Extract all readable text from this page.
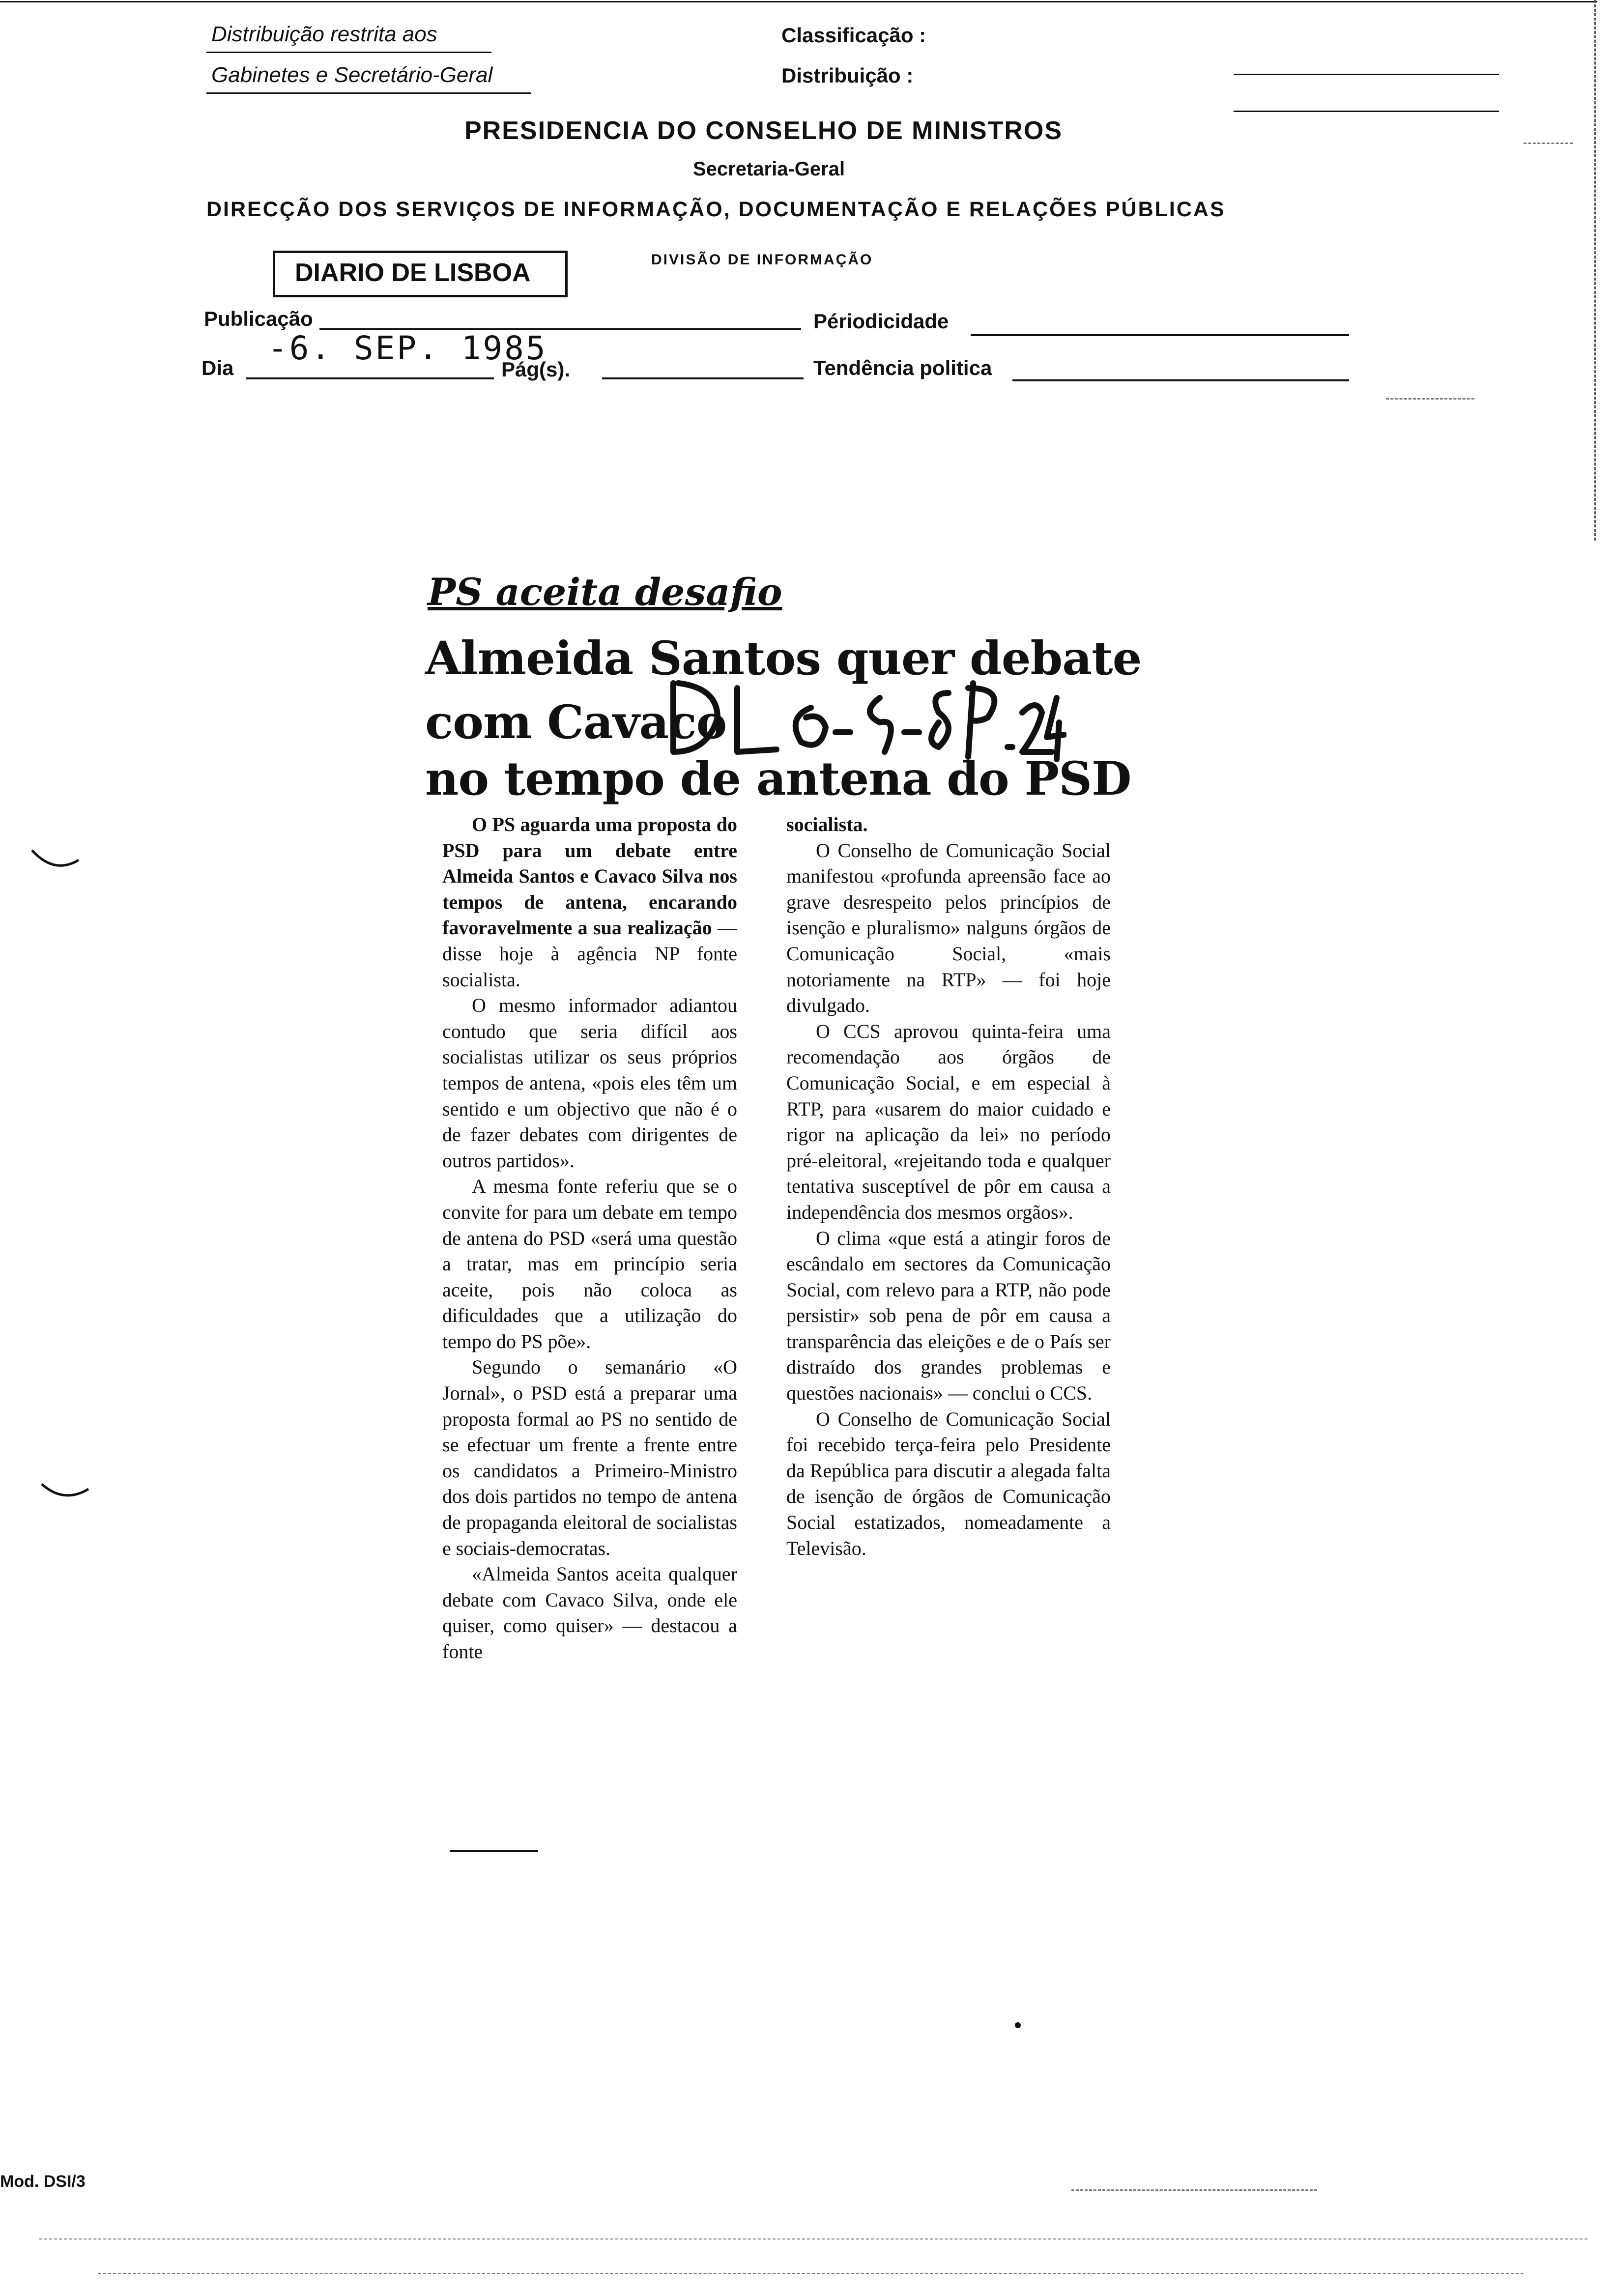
Distribuição restrita aos
Gabinetes e Secretário-Geral
Classificação :
Distribuição :
PRESIDENCIA DO CONSELHO DE MINISTROS
Secretaria-Geral
DIRECÇÃO DOS SERVIÇOS DE INFORMAÇÃO, DOCUMENTAÇÃO E RELAÇÕES PÚBLICAS
DIARIO DE LISBOA	DIVISÃO DE INFORMAÇÃO
Publicação	Périodicidade
-6. SEP. 1985
Dia	Pág(s).	Tendência politica
PS aceita desafio
Almeida Santos quer debate
com Cavaco
no tempo de antena do PSD

O PS aguarda uma proposta do PSD para um debate entre Almeida Santos e Cavaco Silva nos tempos de antena, encarando favoravelmente a sua realização — disse hoje à agência NP fonte socialista.

O mesmo informador adiantou contudo que seria difícil aos socialistas utilizar os seus próprios tempos de antena, «pois eles têm um sentido e um objectivo que não é o de fazer debates com dirigentes de outros partidos».

A mesma fonte referiu que se o convite for para um debate em tempo de antena do PSD «será uma questão a tratar, mas em princípio seria aceite, pois não coloca as dificuldades que a utilização do tempo do PS põe».

Segundo o semanário «O Jornal», o PSD está a preparar uma proposta formal ao PS no sentido de se efectuar um frente a frente entre os candidatos a Primeiro-Ministro dos dois partidos no tempo de antena de propaganda eleitoral de socialistas e sociais-democratas.

«Almeida Santos aceita qualquer debate com Cavaco Silva, onde ele quiser, como quiser» — destacou a fonte

socialista.

O Conselho de Comunicação Social manifestou «profunda apreensão face ao grave desrespeito pelos princípios de isenção e pluralismo» nalguns órgãos de Comunicação Social, «mais notoriamente na RTP» — foi hoje divulgado.

O CCS aprovou quinta-feira uma recomendação aos órgãos de Comunicação Social, e em especial à RTP, para «usarem do maior cuidado e rigor na aplicação da lei» no período pré-eleitoral, «rejeitando toda e qualquer tentativa susceptível de pôr em causa a independência dos mesmos orgãos».

O clima «que está a atingir foros de escândalo em sectores da Comunicação Social, com relevo para a RTP, não pode persistir» sob pena de pôr em causa a transparência das eleições e de o País ser distraído dos grandes problemas e questões nacionais» — conclui o CCS.

O Conselho de Comunicação Social foi recebido terça-feira pelo Presidente da República para discutir a alegada falta de isenção de órgãos de Comunicação Social estatizados, nomeadamente a Televisão.

Mod. DSI/3
